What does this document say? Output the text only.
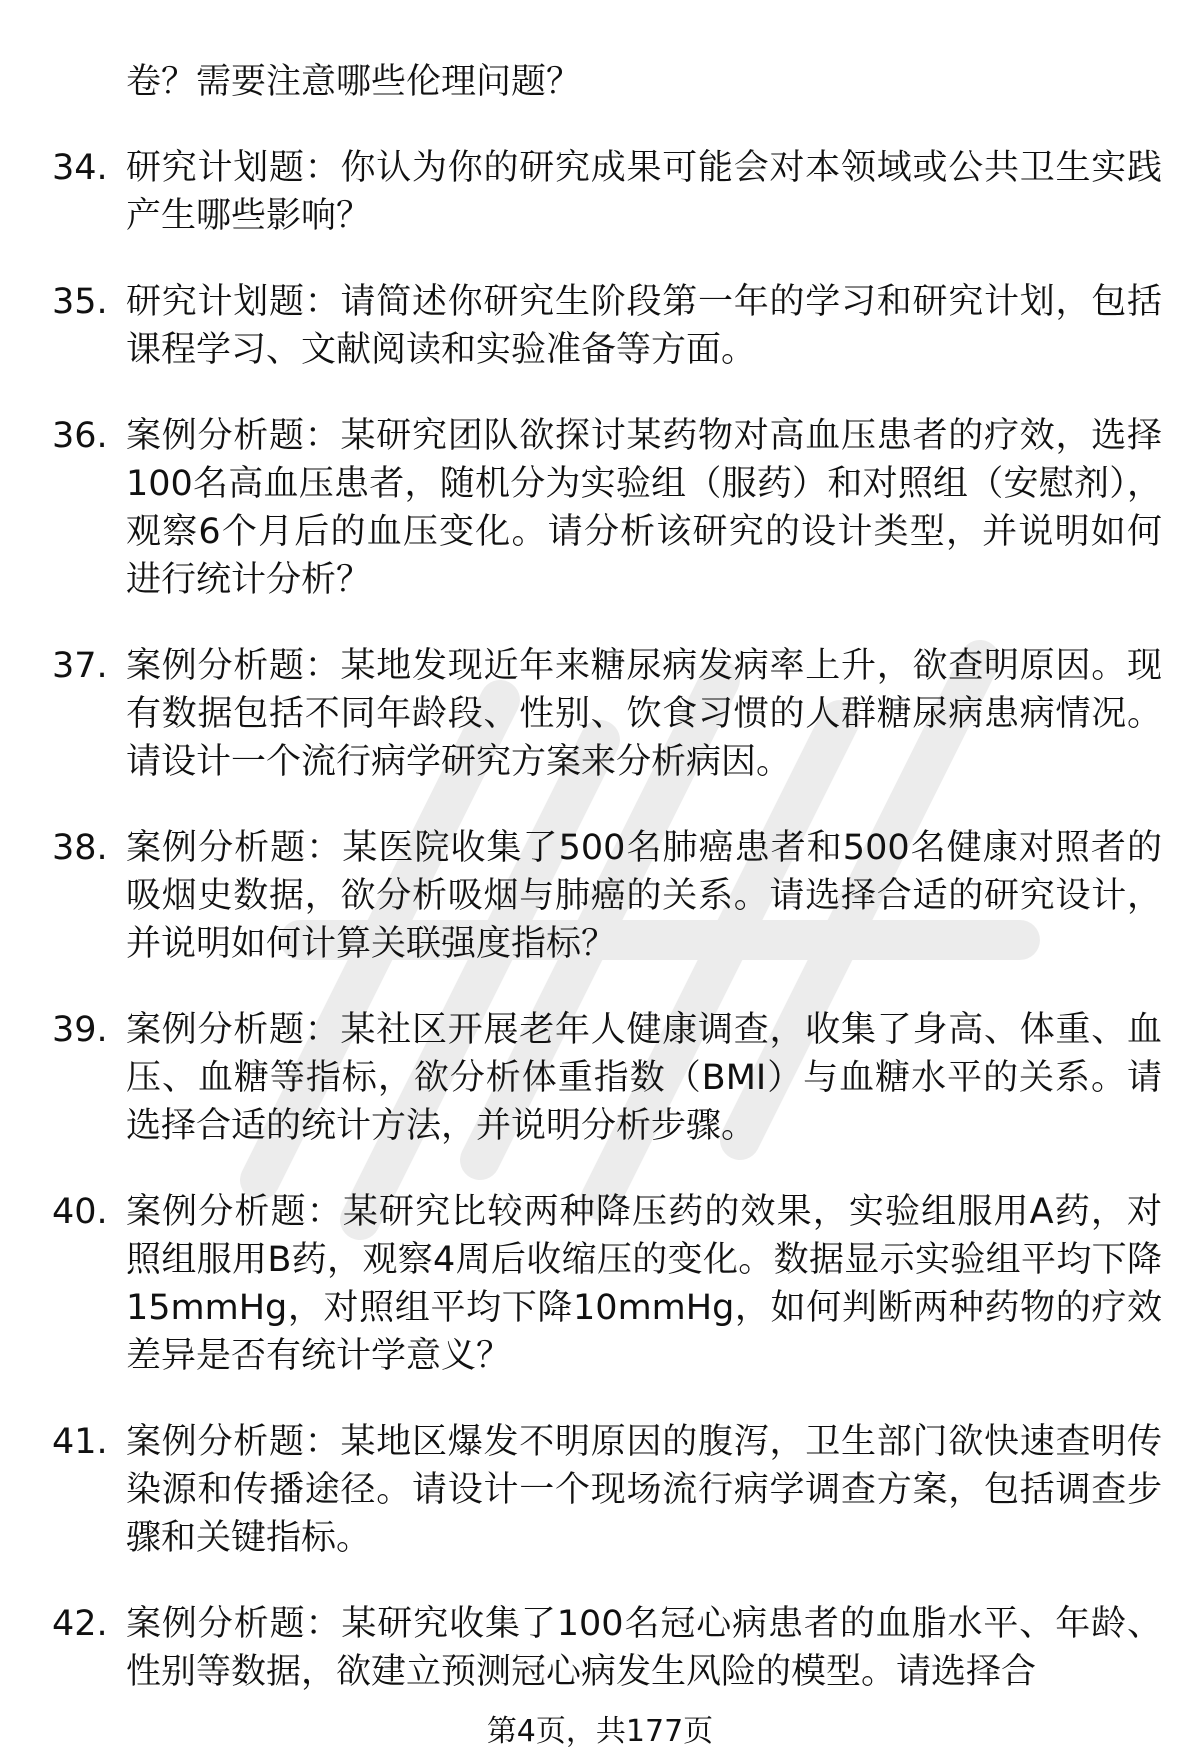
卷？需要注意哪些伦理问题？
34. 研究计划题：你认为你的研究成果可能会对本领域或公共卫生实践产生哪些影响？
35. 研究计划题：请简述你研究生阶段第一年的学习和研究计划，包括课程学习、文献阅读和实验准备等方面。
36. 案例分析题：某研究团队欲探讨某药物对高血压患者的疗效，选择100名高血压患者，随机分为实验组（服药）和对照组（安慰剂），观察6个月后的血压变化。请分析该研究的设计类型，并说明如何进行统计分析？
37. 案例分析题：某地发现近年来糖尿病发病率上升，欲查明原因。现有数据包括不同年龄段、性别、饮食习惯的人群糖尿病患病情况。请设计一个流行病学研究方案来分析病因。
38. 案例分析题：某医院收集了500名肺癌患者和500名健康对照者的吸烟史数据，欲分析吸烟与肺癌的关系。请选择合适的研究设计，并说明如何计算关联强度指标？
39. 案例分析题：某社区开展老年人健康调查，收集了身高、体重、血压、血糖等指标，欲分析体重指数（BMI）与血糖水平的关系。请选择合适的统计方法，并说明分析步骤。
40. 案例分析题：某研究比较两种降压药的效果，实验组服用A药，对照组服用B药，观察4周后收缩压的变化。数据显示实验组平均下降15mmHg，对照组平均下降10mmHg，如何判断两种药物的疗效差异是否有统计学意义？
41. 案例分析题：某地区爆发不明原因的腹泻，卫生部门欲快速查明传染源和传播途径。请设计一个现场流行病学调查方案，包括调查步骤和关键指标。
42. 案例分析题：某研究收集了100名冠心病患者的血脂水平、年龄、性别等数据，欲建立预测冠心病发生风险的模型。请选择合
第4页，共177页
